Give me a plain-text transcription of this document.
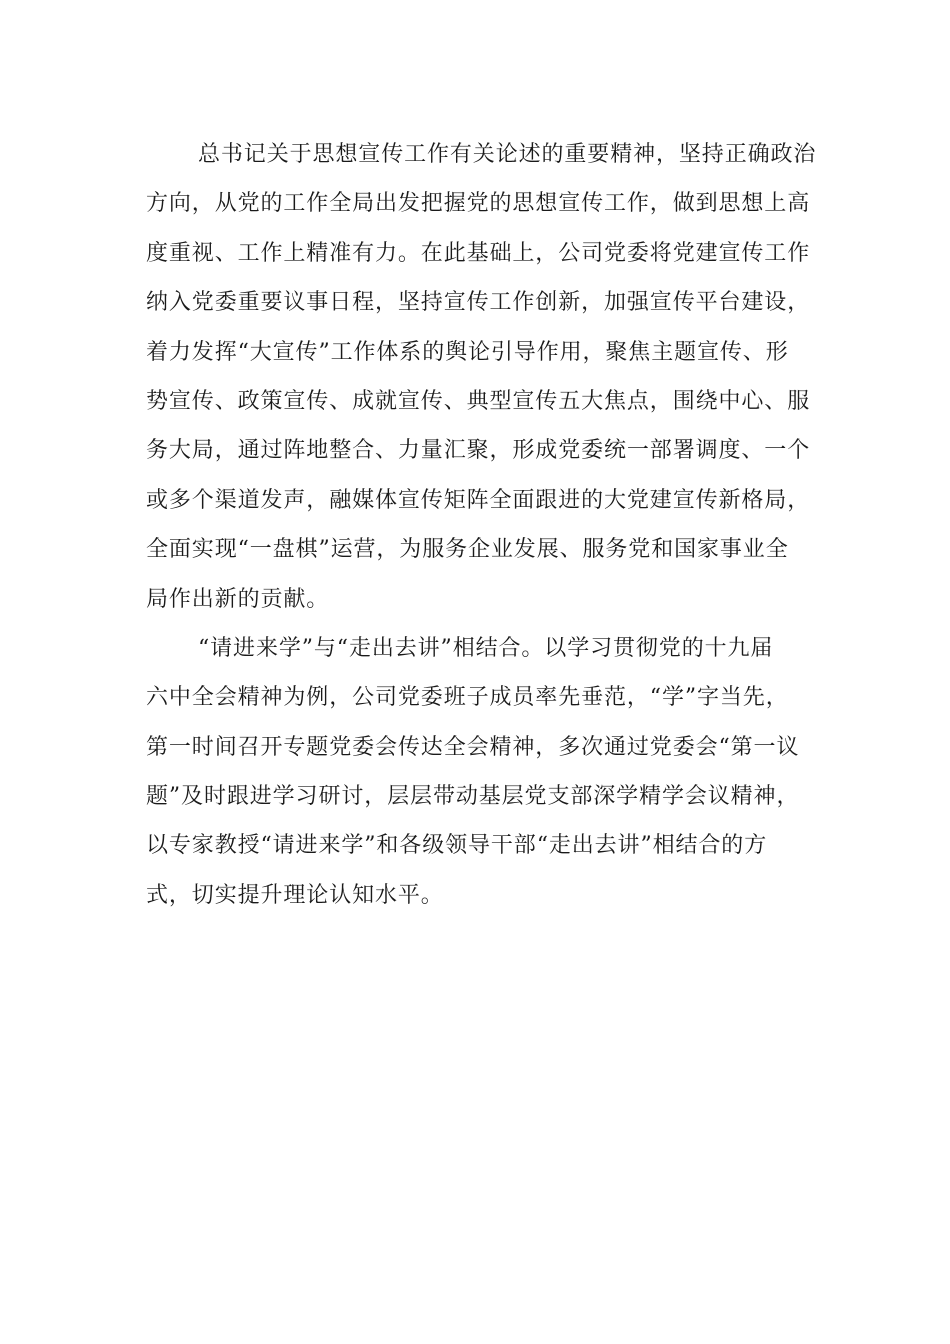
总书记关于思想宣传工作有关论述的重要精神，坚持正确政治
方向，从党的工作全局出发把握党的思想宣传工作，做到思想上高
度重视、工作上精准有力。在此基础上，公司党委将党建宣传工作
纳入党委重要议事日程，坚持宣传工作创新，加强宣传平台建设，
着力发挥“大宣传”工作体系的舆论引导作用，聚焦主题宣传、形
势宣传、政策宣传、成就宣传、典型宣传五大焦点，围绕中心、服
务大局，通过阵地整合、力量汇聚，形成党委统一部署调度、一个
或多个渠道发声，融媒体宣传矩阵全面跟进的大党建宣传新格局，
全面实现“一盘棋”运营，为服务企业发展、服务党和国家事业全
局作出新的贡献。
“请进来学”与“走出去讲”相结合。以学习贯彻党的十九届
六中全会精神为例，公司党委班子成员率先垂范，“学”字当先，
第一时间召开专题党委会传达全会精神，多次通过党委会“第一议
题”及时跟进学习研讨，层层带动基层党支部深学精学会议精神，
以专家教授“请进来学”和各级领导干部“走出去讲”相结合的方
式，切实提升理论认知水平。
